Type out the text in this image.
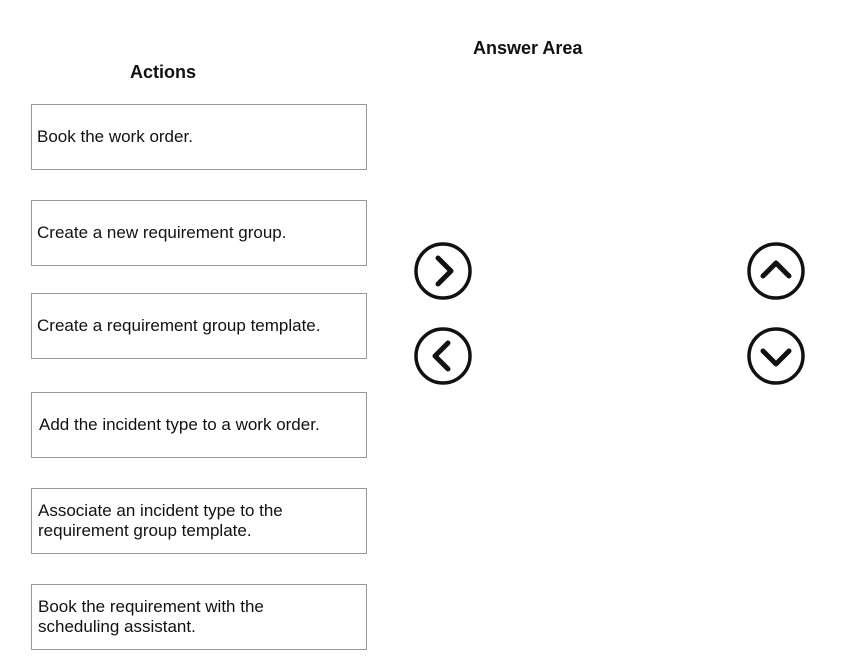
Actions
Answer Area
Book the work order.
Create a new requirement group.
Create a requirement group template.
Add the incident type to a work order.
Associate an incident type to the requirement group template.
Book the requirement with the scheduling assistant.
